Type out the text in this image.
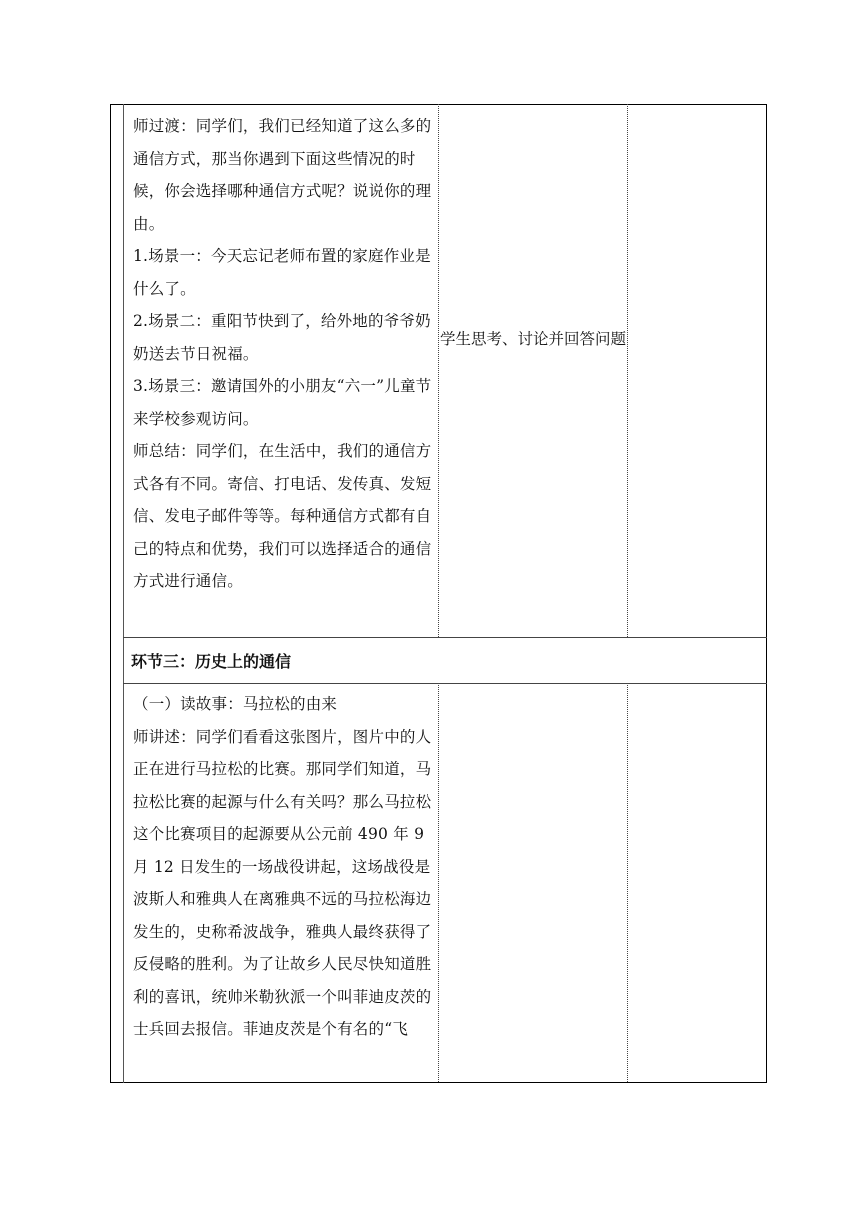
师过渡：同学们，我们已经知道了这么多的通信方式，那当你遇到下面这些情况的时候，你会选择哪种通信方式呢？说说你的理由。

1.场景一：今天忘记老师布置的家庭作业是什么了。

2.场景二：重阳节快到了，给外地的爷爷奶奶送去节日祝福。

3.场景三：邀请国外的小朋友“六一”儿童节来学校参观访问。

师总结：同学们，在生活中，我们的通信方式各有不同。寄信、打电话、发传真、发短信、发电子邮件等等。每种通信方式都有自己的特点和优势，我们可以选择适合的通信方式进行通信。

学生思考、讨论并回答问题
环节三：历史上的通信

（一）读故事：马拉松的由来

师讲述：同学们看看这张图片，图片中的人正在进行马拉松的比赛。那同学们知道，马拉松比赛的起源与什么有关吗？那么马拉松这个比赛项目的起源要从公元前 490 年 9 月 12 日发生的一场战役讲起，这场战役是波斯人和雅典人在离雅典不远的马拉松海边发生的，史称希波战争，雅典人最终获得了反侵略的胜利。为了让故乡人民尽快知道胜利的喜讯，统帅米勒狄派一个叫菲迪皮茨的士兵回去报信。菲迪皮茨是个有名的“飞
